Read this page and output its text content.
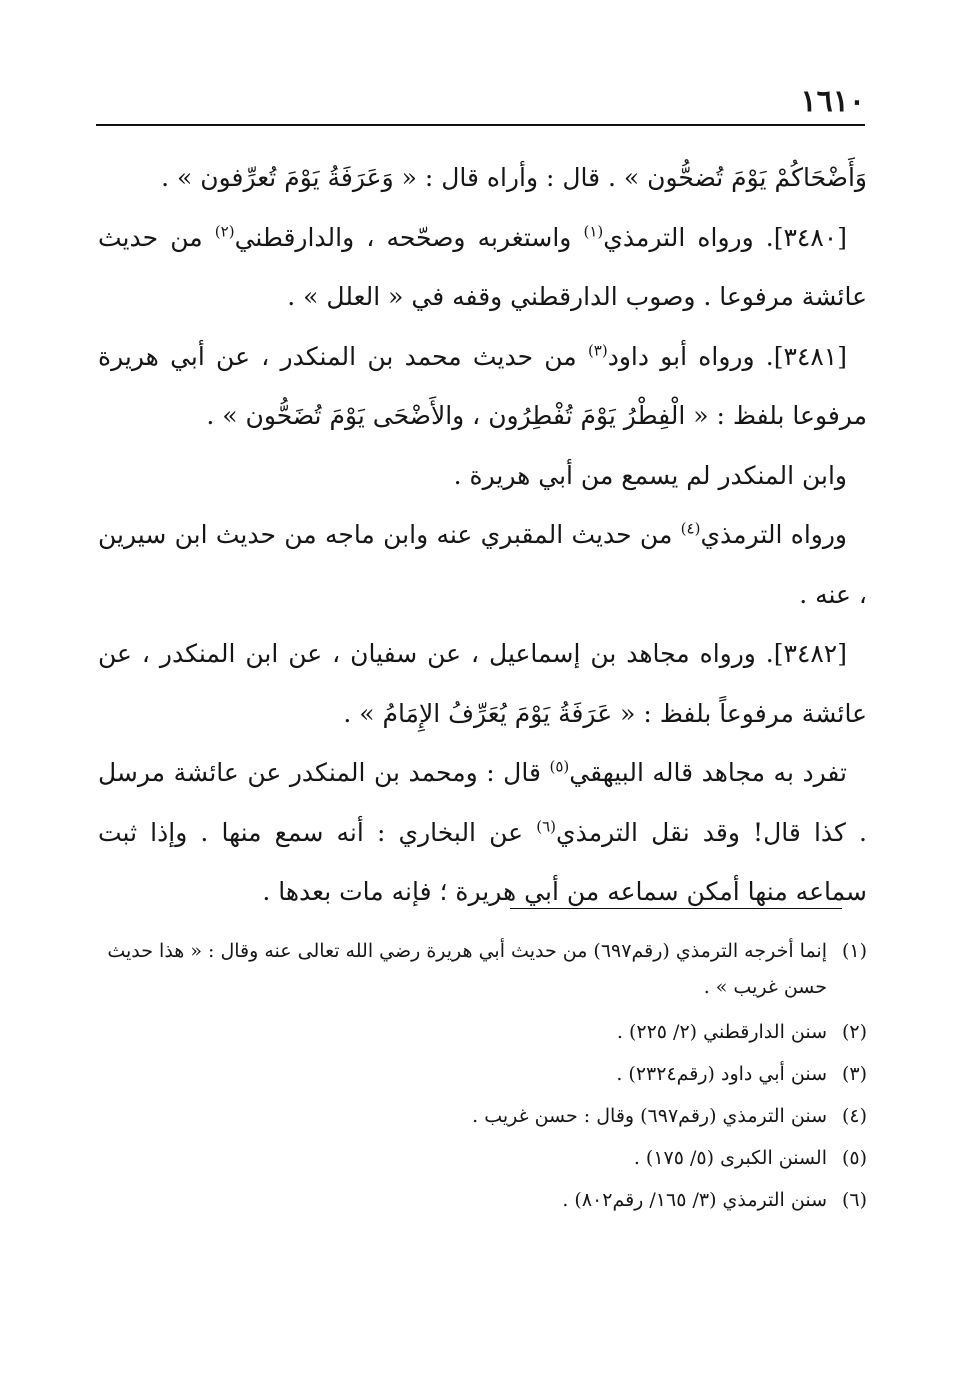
١٦١٠

وَأَضْحَاكُمْ يَوْمَ تُضحُّون » . قال : وأراه قال : « وَعَرَفَةُ يَوْمَ تُعرِّفون » .

[٣٤٨٠]. ورواه الترمذي$^{(١)}$ واستغربه وصحّحه ، والدارقطني$^{(٢)}$ من حديث عائشة مرفوعا . وصوب الدارقطني وقفه في « العلل » .

[٣٤٨١]. ورواه أبو داود$^{(٣)}$ من حديث محمد بن المنكدر ، عن أبي هريرة مرفوعا بلفظ : « الْفِطْرُ يَوْمَ تُفْطِرُون ، والأَضْحَى يَوْمَ تُضَحُّون » .

وابن المنكدر لم يسمع من أبي هريرة .

ورواه الترمذي$^{(٤)}$ من حديث المقبري عنه وابن ماجه من حديث ابن سيرين ، عنه .

[٣٤٨٢]. ورواه مجاهد بن إسماعيل ، عن سفيان ، عن ابن المنكدر ، عن عائشة مرفوعاً بلفظ : « عَرَفَةُ يَوْمَ يُعَرِّفُ الإِمَامُ » .

تفرد به مجاهد قاله البيهقي$^{(٥)}$ قال : ومحمد بن المنكدر عن عائشة مرسل . كذا قال! وقد نقل الترمذي$^{(٦)}$ عن البخاري : أنه سمع منها . وإذا ثبت سماعه منها أمكن سماعه من أبي هريرة ؛ فإنه مات بعدها .

(١)
إنما أخرجه الترمذي (رقم٦٩٧) من حديث أبي هريرة رضي الله تعالى عنه وقال : « هذا حديث حسن غريب » .
(٢)
سنن الدارقطني (٢/ ٢٢٥) .
(٣)
سنن أبي داود (رقم٢٣٢٤) .
(٤)
سنن الترمذي (رقم٦٩٧) وقال : حسن غريب .
(٥)
السنن الكبرى (٥/ ١٧٥) .
(٦)
سنن الترمذي (٣/ ١٦٥/ رقم٨٠٢) .
